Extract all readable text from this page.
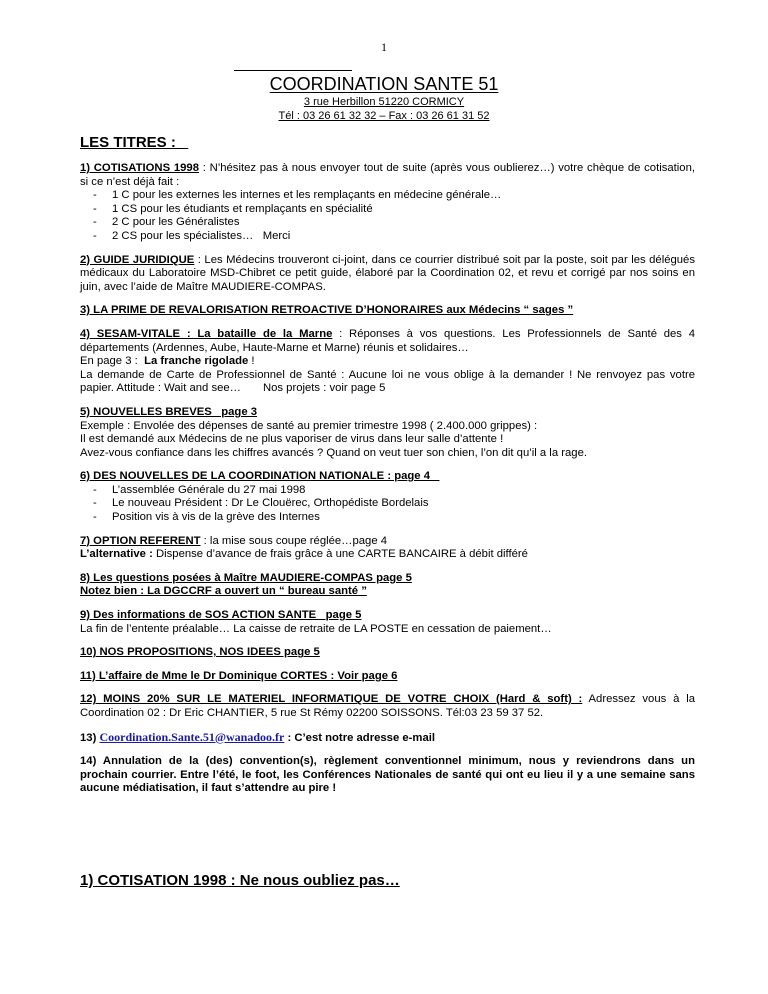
1
COORDINATION SANTE 51
3 rue Herbillon 51220 CORMICY
Tél : 03 26 61 32 32 – Fax : 03 26 61 31 52
LES TITRES :

1) COTISATIONS 1998 : N’hésitez pas à nous envoyer tout de suite (après vous oublierez…) votre chèque de cotisation, si ce n’est déjà fait :

- 1 C pour les externes les internes et les remplaçants en médecine générale…
- 1 CS pour les étudiants et remplaçants en spécialité
- 2 C pour les Généralistes
- 2 CS pour les spécialistes…   Merci

2) GUIDE JURIDIQUE : Les Médecins trouveront ci-joint, dans ce courrier distribué soit par la poste, soit par les délégués médicaux du Laboratoire MSD-Chibret ce petit guide, élaboré par la Coordination 02, et revu et corrigé par nos soins en juin, avec l’aide de Maître MAUDIERE-COMPAS.

3) LA PRIME DE REVALORISATION RETROACTIVE D’HONORAIRES aux Médecins “ sages ”

4) SESAM-VITALE : La bataille de la Marne : Réponses à vos questions. Les Professionnels de Santé des 4 départements (Ardennes, Aube, Haute-Marne et Marne) réunis et solidaires…

En page 3 :  La franche rigolade !

La demande de Carte de Professionnel de Santé : Aucune loi ne vous oblige à la demander ! Ne renvoyez pas votre papier. Attitude : Wait and see…       Nos projets : voir page 5

5) NOUVELLES BREVES   page 3

Exemple : Envolée des dépenses de santé au premier trimestre 1998 ( 2.400.000 grippes) :

Il est demandé aux Médecins de ne plus vaporiser de virus dans leur salle d’attente !

Avez-vous confiance dans les chiffres avancés ? Quand on veut tuer son chien, l’on dit qu’il a la rage.

6) DES NOUVELLES DE LA COORDINATION NATIONALE : page 4

- L’assemblée Générale du 27 mai 1998
- Le nouveau Président : Dr Le Clouërec, Orthopédiste Bordelais
- Position vis à vis de la grève des Internes

7) OPTION REFERENT : la mise sous coupe réglée…page 4

L’alternative : Dispense d’avance de frais grâce à une CARTE BANCAIRE à débit différé

8) Les questions posées à Maître MAUDIERE-COMPAS page 5

Notez bien : La DGCCRF a ouvert un “ bureau santé ”

9) Des informations de SOS ACTION SANTE   page 5

La fin de l’entente préalable… La caisse de retraite de LA POSTE en cessation de paiement…

10) NOS PROPOSITIONS, NOS IDEES page 5

11) L’affaire de Mme le Dr Dominique CORTES : Voir page 6

12) MOINS 20% SUR LE MATERIEL INFORMATIQUE DE VOTRE CHOIX (Hard & soft) : Adressez vous à la Coordination 02 : Dr Eric CHANTIER, 5 rue St Rémy 02200 SOISSONS. Tél:03 23 59 37 52.

13) Coordination.Sante.51@wanadoo.fr : C’est notre adresse e-mail

14) Annulation de la (des) convention(s), règlement conventionnel minimum, nous y reviendrons dans un prochain courrier. Entre l’été, le foot, les Conférences Nationales de santé qui ont eu lieu il y a une semaine sans aucune médiatisation, il faut s’attendre au pire !

1) COTISATION 1998 : Ne nous oubliez pas…
